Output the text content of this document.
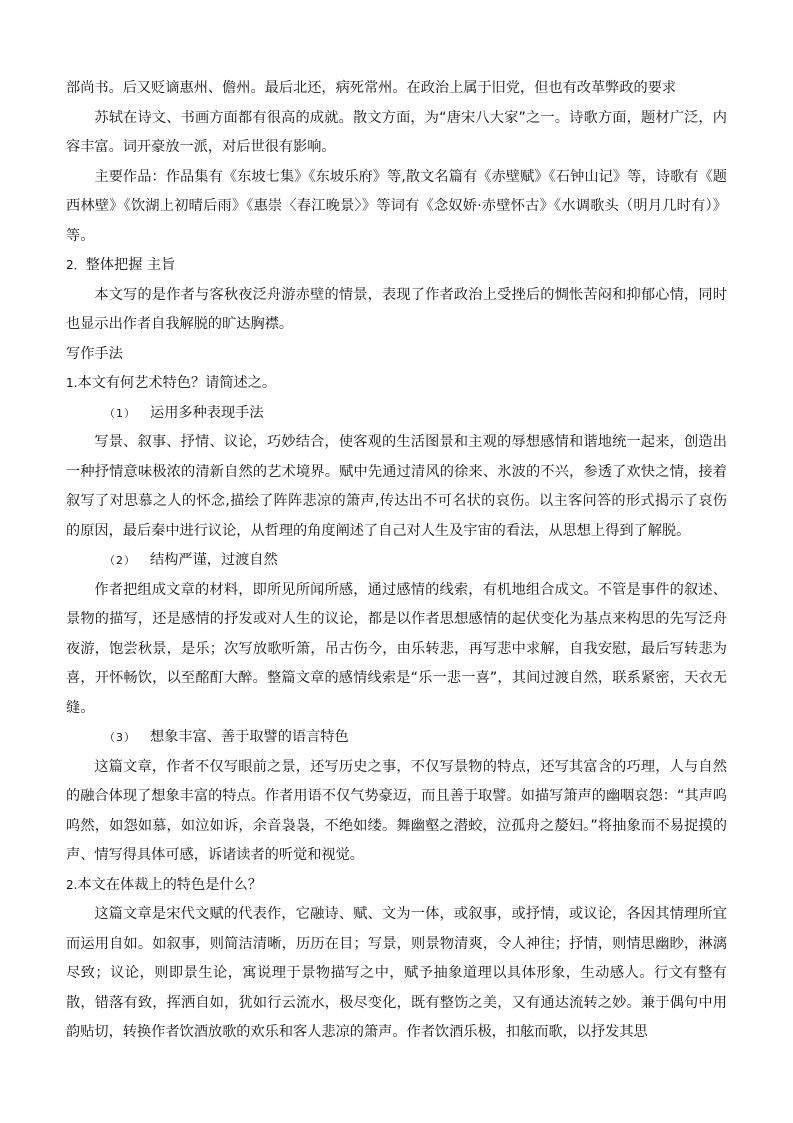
部尚书。后又贬谪惠州、儋州。最后北还，病死常州。在政治上属于旧党，但也有改革弊政的要求

苏轼在诗文、书画方面都有很高的成就。散文方面，为“唐宋八大家”之一。诗歌方面，题材广泛，内容丰富。词开豪放一派，对后世很有影响。

主要作品：作品集有《东坡七集》《东坡乐府》等,散文名篇有《赤壁赋》《石钟山记》等，诗歌有《题西林壁》《饮湖上初晴后雨》《惠崇〈春江晚景〉》等词有《念奴娇·赤壁怀古》《水调歌头（明月几时有）》等。

2．整体把握 主旨

本文写的是作者与客秋夜泛舟游赤壁的情景，表现了作者政治上受挫后的惆怅苦闷和抑郁心情，同时也显示出作者自我解脱的旷达胸襟。

写作手法

1.本文有何艺术特色？请简述之。

（1） 运用多种表现手法

写景、叙事、抒情、议论，巧妙结合，使客观的生活图景和主观的辱想感情和谐地统一起来，创造出一种抒情意味极浓的清新自然的艺术境界。赋中先通过清风的徐来、氷波的不兴，参透了欢快之情，接着叙写了对思慕之人的怀念,描绘了阵阵悲凉的箫声,传达出不可名状的哀伤。以主客问答的形式揭示了哀伤的原因，最后秦中进行议论，从哲理的角度阐述了自己对人生及宇宙的看法，从思想上得到了解脱。

（2） 结构严谨，过渡自然

作者把组成文章的材料，即所见所闻所感，通过感情的线索，有机地组合成文。不管是事件的叙述、景物的描写，还是感情的抒发或对人生的议论，都是以作者思想感情的起伏变化为基点来构思的先写泛舟夜游，饱尝秋景，是乐；次写放歌听箫，吊古伤今，由乐转悲，再写悲中求解，自我安慰，最后写转悲为喜，开怀畅饮，以至酩酊大醉。整篇文章的感情线索是“乐一悲一喜”，其间过渡自然，联系紧密，天衣无缝。

（3） 想象丰富、善于取譬的语言特色

这篇文章，作者不仅写眼前之景，还写历史之事，不仅写景物的特点，还写其富含的巧理，人与自然的融合体现了想象丰富的特点。作者用语不仅气势豪迈，而且善于取譬。如描写箫声的幽咽哀怨：“其声呜呜然，如怨如慕，如泣如诉，余音袅袅，不绝如缕。舞幽壑之潜蛟，泣孤舟之嫠妇。”将抽象而不易捉摸的声、情写得具体可感，诉诸读者的听觉和视觉。

2.本文在体裁上的特色是什么？

这篇文章是宋代文赋的代表作，它融诗、赋、文为一体，或叙事，或抒情，或议论，各因其情理所宜而运用自如。如叙事，则简洁清晰，历历在目；写景，则景物清爽，令人神往；抒情，则情思幽眇，淋漓尽致；议论，则即景生论，寓说理于景物描写之中，赋予抽象道理以具体形象，生动感人。行文有整有散，错落有致，挥洒自如，犹如行云流水，极尽变化，既有整饬之美，又有通达流转之妙。兼于偶句中用韵贴切，转换作者饮酒放歌的欢乐和客人悲凉的箫声。作者饮酒乐极，扣舷而歌，以抒发其思
